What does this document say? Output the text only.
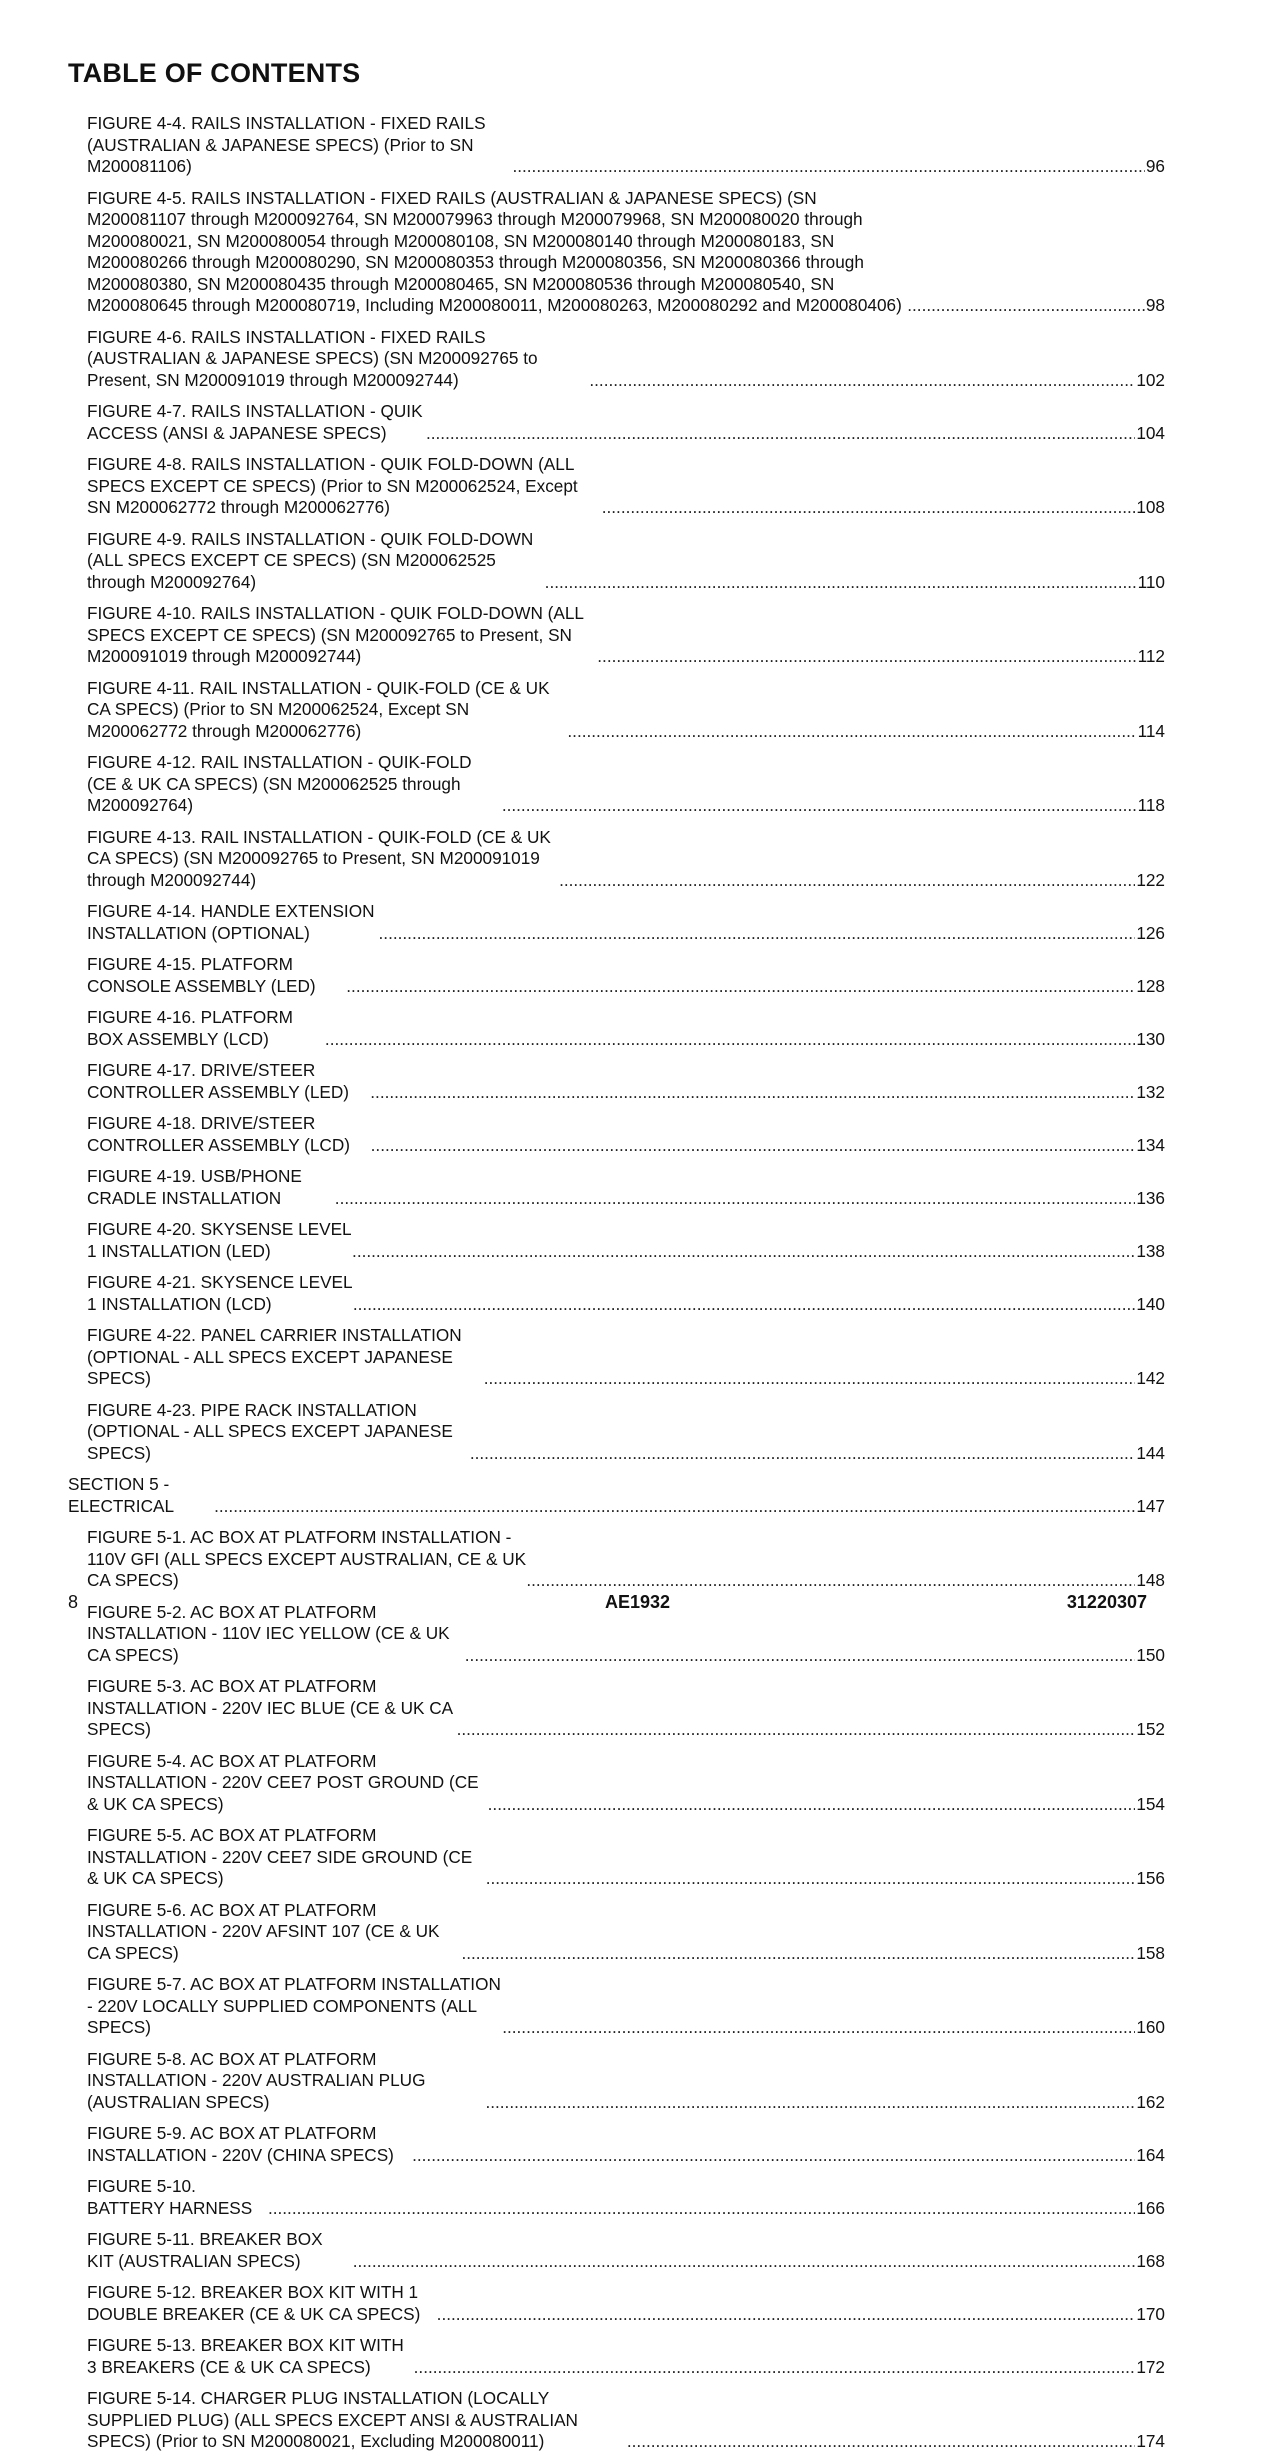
TABLE OF CONTENTS
FIGURE 4-4. RAILS INSTALLATION - FIXED RAILS (AUSTRALIAN & JAPANESE SPECS) (Prior to SN M200081106) .....	96
FIGURE 4-5. RAILS INSTALLATION - FIXED RAILS (AUSTRALIAN & JAPANESE SPECS) (SN M200081107 through M200092764, SN M200079963 through M200079968, SN M200080020 through M200080021, SN M200080054 through M200080108, SN M200080140 through M200080183, SN M200080266 through M200080290, SN M200080353 through M200080356, SN M200080366 through M200080380, SN M200080435 through M200080465, SN M200080536 through M200080540, SN M200080645 through M200080719, Including M200080011, M200080263, M200080292 and M200080406) .....	98
FIGURE 4-6. RAILS INSTALLATION - FIXED RAILS (AUSTRALIAN & JAPANESE SPECS) (SN M200092765 to Present, SN M200091019 through M200092744) .....	102
FIGURE 4-7. RAILS INSTALLATION - QUIK ACCESS (ANSI & JAPANESE SPECS) .....	104
FIGURE 4-8. RAILS INSTALLATION - QUIK FOLD-DOWN (ALL SPECS EXCEPT CE SPECS) (Prior to SN M200062524, Except SN M200062772 through M200062776) .....	108
FIGURE 4-9. RAILS INSTALLATION - QUIK FOLD-DOWN (ALL SPECS EXCEPT CE SPECS) (SN M200062525 through M200092764) .....	110
FIGURE 4-10. RAILS INSTALLATION - QUIK FOLD-DOWN (ALL SPECS EXCEPT CE SPECS) (SN M200092765 to Present, SN M200091019 through M200092744) .....	112
FIGURE 4-11. RAIL INSTALLATION - QUIK-FOLD (CE & UK CA SPECS) (Prior to SN M200062524, Except SN M200062772 through M200062776) .....	114
FIGURE 4-12. RAIL INSTALLATION - QUIK-FOLD (CE & UK CA SPECS) (SN M200062525 through M200092764) .....	118
FIGURE 4-13. RAIL INSTALLATION - QUIK-FOLD (CE & UK CA SPECS) (SN M200092765 to Present, SN M200091019 through M200092744) .....	122
FIGURE 4-14. HANDLE EXTENSION INSTALLATION (OPTIONAL) .....	126
FIGURE 4-15. PLATFORM CONSOLE ASSEMBLY (LED) .....	128
FIGURE 4-16. PLATFORM BOX ASSEMBLY (LCD) .....	130
FIGURE 4-17. DRIVE/STEER CONTROLLER ASSEMBLY (LED) .....	132
FIGURE 4-18. DRIVE/STEER CONTROLLER ASSEMBLY (LCD) .....	134
FIGURE 4-19. USB/PHONE CRADLE INSTALLATION .....	136
FIGURE 4-20. SKYSENSE LEVEL 1 INSTALLATION (LED) .....	138
FIGURE 4-21. SKYSENCE LEVEL 1 INSTALLATION (LCD) .....	140
FIGURE 4-22. PANEL CARRIER INSTALLATION (OPTIONAL - ALL SPECS EXCEPT JAPANESE SPECS) .....	142
FIGURE 4-23. PIPE RACK INSTALLATION (OPTIONAL - ALL SPECS EXCEPT JAPANESE SPECS) .....	144
SECTION 5 - ELECTRICAL .....	147
FIGURE 5-1. AC BOX AT PLATFORM INSTALLATION - 110V GFI (ALL SPECS EXCEPT AUSTRALIAN, CE & UK CA SPECS) .....	148
FIGURE 5-2. AC BOX AT PLATFORM INSTALLATION - 110V IEC YELLOW (CE & UK CA SPECS) .....	150
FIGURE 5-3. AC BOX AT PLATFORM INSTALLATION - 220V IEC BLUE (CE & UK CA SPECS) .....	152
FIGURE 5-4. AC BOX AT PLATFORM INSTALLATION - 220V CEE7 POST GROUND (CE & UK CA SPECS) .....	154
FIGURE 5-5. AC BOX AT PLATFORM INSTALLATION - 220V CEE7 SIDE GROUND (CE & UK CA SPECS) .....	156
FIGURE 5-6. AC BOX AT PLATFORM INSTALLATION - 220V AFSINT 107 (CE & UK CA SPECS) .....	158
FIGURE 5-7. AC BOX AT PLATFORM INSTALLATION - 220V LOCALLY SUPPLIED COMPONENTS (ALL SPECS) .....	160
FIGURE 5-8. AC BOX AT PLATFORM INSTALLATION - 220V AUSTRALIAN PLUG (AUSTRALIAN SPECS) .....	162
FIGURE 5-9. AC BOX AT PLATFORM INSTALLATION - 220V (CHINA SPECS) .....	164
FIGURE 5-10. BATTERY HARNESS .....	166
FIGURE 5-11. BREAKER BOX KIT (AUSTRALIAN SPECS) .....	168
FIGURE 5-12. BREAKER BOX KIT WITH 1 DOUBLE BREAKER (CE & UK CA SPECS) .....	170
FIGURE 5-13. BREAKER BOX KIT WITH 3 BREAKERS (CE & UK CA SPECS) .....	172
FIGURE 5-14. CHARGER PLUG INSTALLATION (LOCALLY SUPPLIED PLUG) (ALL SPECS EXCEPT ANSI & AUSTRALIAN SPECS) (Prior to SN M200080021, Excluding M200080011) .....	174
8	AE1932	31220307
